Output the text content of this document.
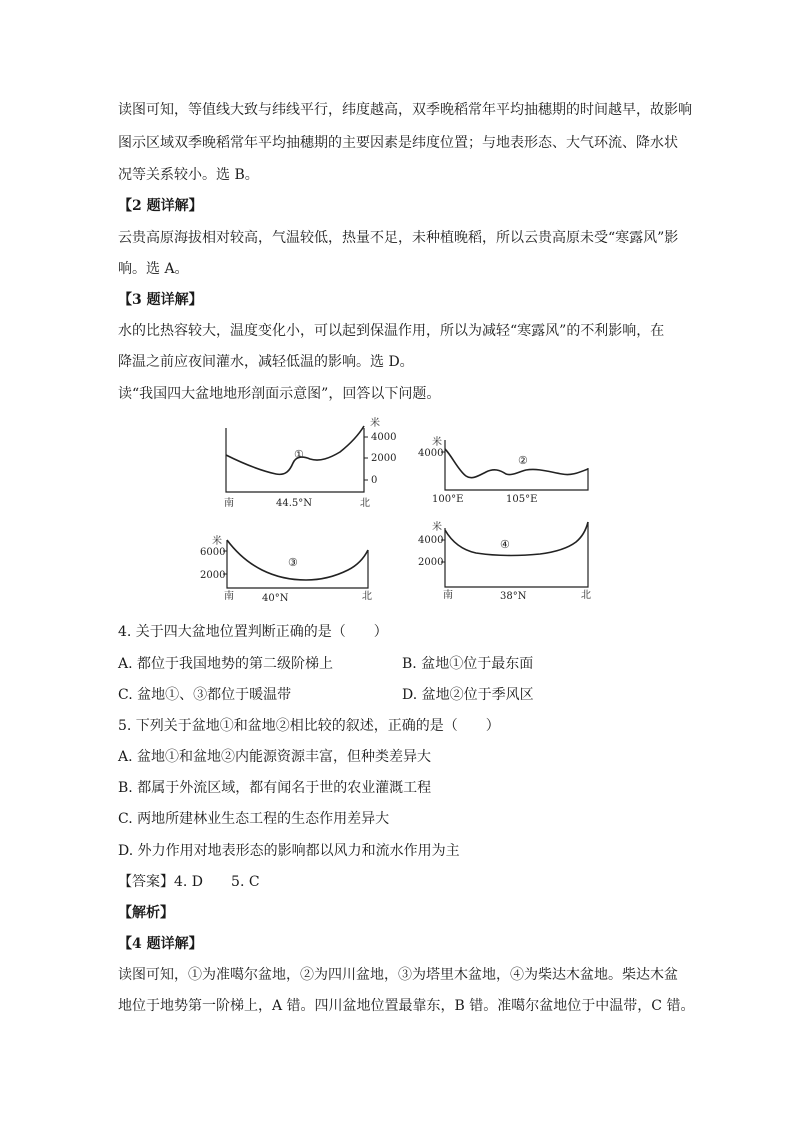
读图可知，等值线大致与纬线平行，纬度越高，双季晚稻常年平均抽穗期的时间越早，故影响
图示区域双季晚稻常年平均抽穗期的主要因素是纬度位置；与地表形态、大气环流、降水状
况等关系较小。选 B。
【2 题详解】
云贵高原海拔相对较高，气温较低，热量不足，未种植晚稻，所以云贵高原未受“寒露风”影
响。选 A。
【3 题详解】
水的比热容较大，温度变化小，可以起到保温作用，所以为减轻“寒露风”的不利影响，在
降温之前应夜间灌水，减轻低温的影响。选 D。
读“我国四大盆地地形剖面示意图”，回答以下问题。
米
4000
2000
0
①
南	44.5°N	北
米
4000
②
100°E	105°E
米
6000
2000
③
南	40°N	北
米
4000
2000
④
南	38°N	北
4. 关于四大盆地位置判断正确的是（　　）
A. 都位于我国地势的第二级阶梯上	B. 盆地①位于最东面
C. 盆地①、③都位于暖温带	D. 盆地②位于季风区
5. 下列关于盆地①和盆地②相比较的叙述，正确的是（　　）
A. 盆地①和盆地②内能源资源丰富，但种类差异大
B. 都属于外流区域，都有闻名于世的农业灌溉工程
C. 两地所建林业生态工程的生态作用差异大
D. 外力作用对地表形态的影响都以风力和流水作用为主
【答案】4. D　　5. C
【解析】
【4 题详解】
读图可知，①为准噶尔盆地，②为四川盆地，③为塔里木盆地，④为柴达木盆地。柴达木盆
地位于地势第一阶梯上，A 错。四川盆地位置最靠东，B 错。准噶尔盆地位于中温带，C 错。
